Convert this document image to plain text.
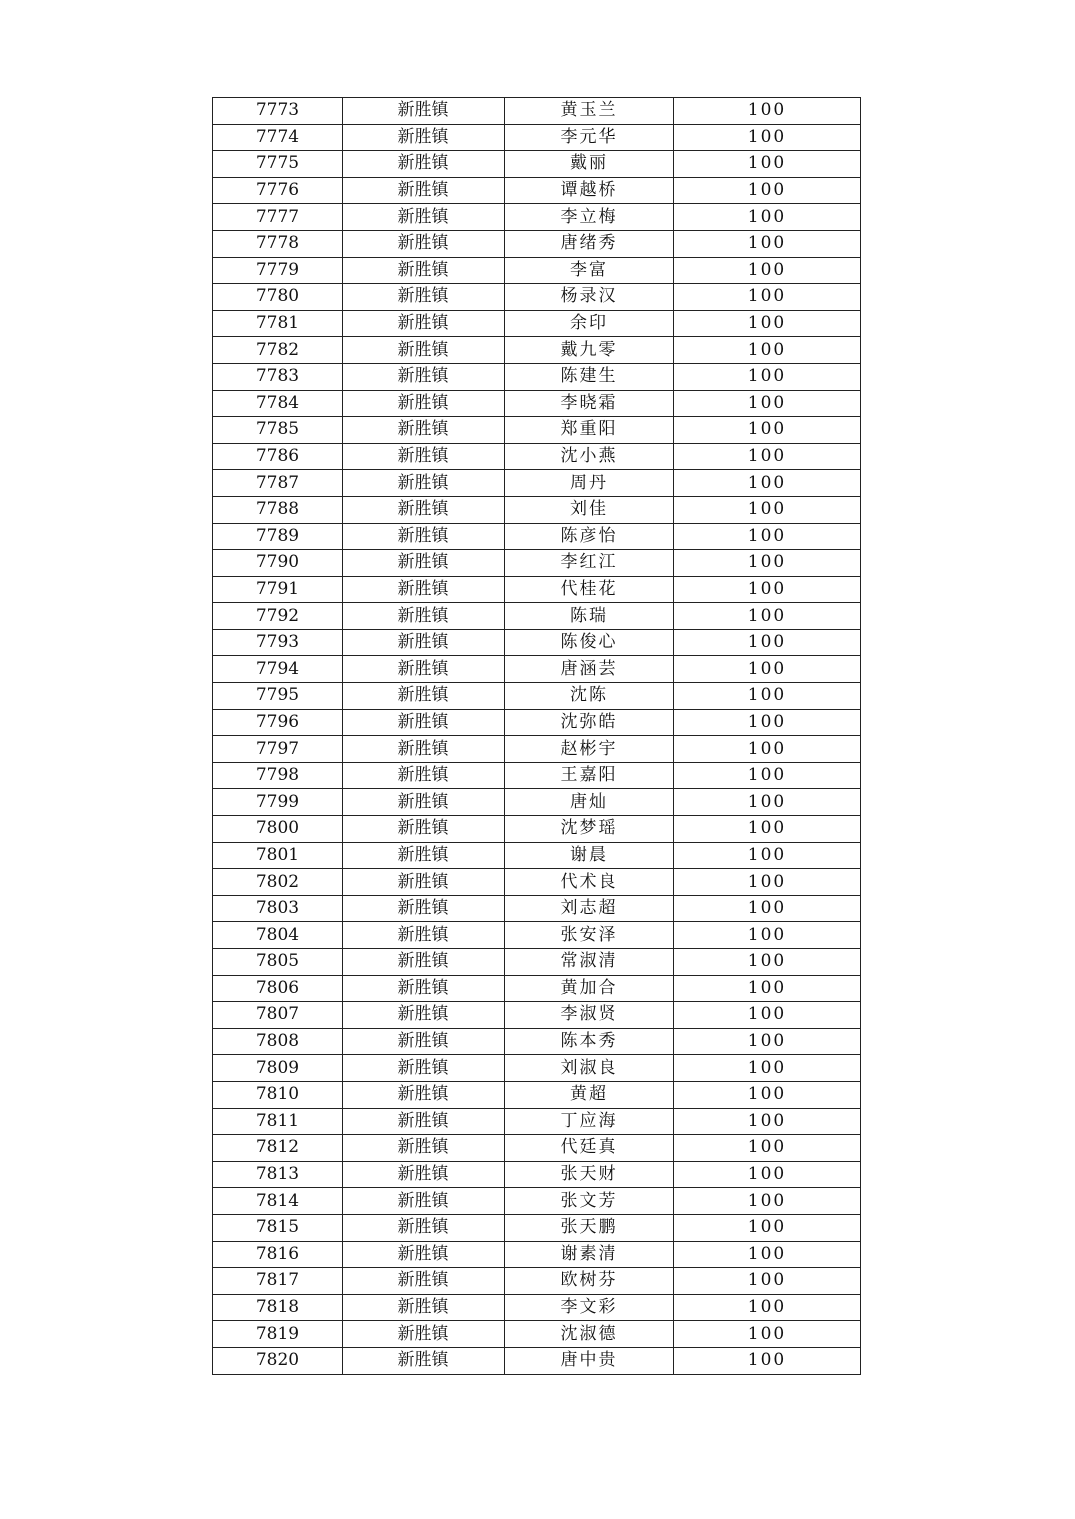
7773	新胜镇	黄玉兰	100
7774	新胜镇	李元华	100
7775	新胜镇	戴丽	100
7776	新胜镇	谭越桥	100
7777	新胜镇	李立梅	100
7778	新胜镇	唐绪秀	100
7779	新胜镇	李富	100
7780	新胜镇	杨录汉	100
7781	新胜镇	余印	100
7782	新胜镇	戴九零	100
7783	新胜镇	陈建生	100
7784	新胜镇	李晓霜	100
7785	新胜镇	郑重阳	100
7786	新胜镇	沈小燕	100
7787	新胜镇	周丹	100
7788	新胜镇	刘佳	100
7789	新胜镇	陈彦怡	100
7790	新胜镇	李红江	100
7791	新胜镇	代桂花	100
7792	新胜镇	陈瑞	100
7793	新胜镇	陈俊心	100
7794	新胜镇	唐涵芸	100
7795	新胜镇	沈陈	100
7796	新胜镇	沈弥皓	100
7797	新胜镇	赵彬宇	100
7798	新胜镇	王嘉阳	100
7799	新胜镇	唐灿	100
7800	新胜镇	沈梦瑶	100
7801	新胜镇	谢晨	100
7802	新胜镇	代术良	100
7803	新胜镇	刘志超	100
7804	新胜镇	张安泽	100
7805	新胜镇	常淑清	100
7806	新胜镇	黄加合	100
7807	新胜镇	李淑贤	100
7808	新胜镇	陈本秀	100
7809	新胜镇	刘淑良	100
7810	新胜镇	黄超	100
7811	新胜镇	丁应海	100
7812	新胜镇	代廷真	100
7813	新胜镇	张天财	100
7814	新胜镇	张文芳	100
7815	新胜镇	张天鹏	100
7816	新胜镇	谢素清	100
7817	新胜镇	欧树芬	100
7818	新胜镇	李文彩	100
7819	新胜镇	沈淑德	100
7820	新胜镇	唐中贵	100
